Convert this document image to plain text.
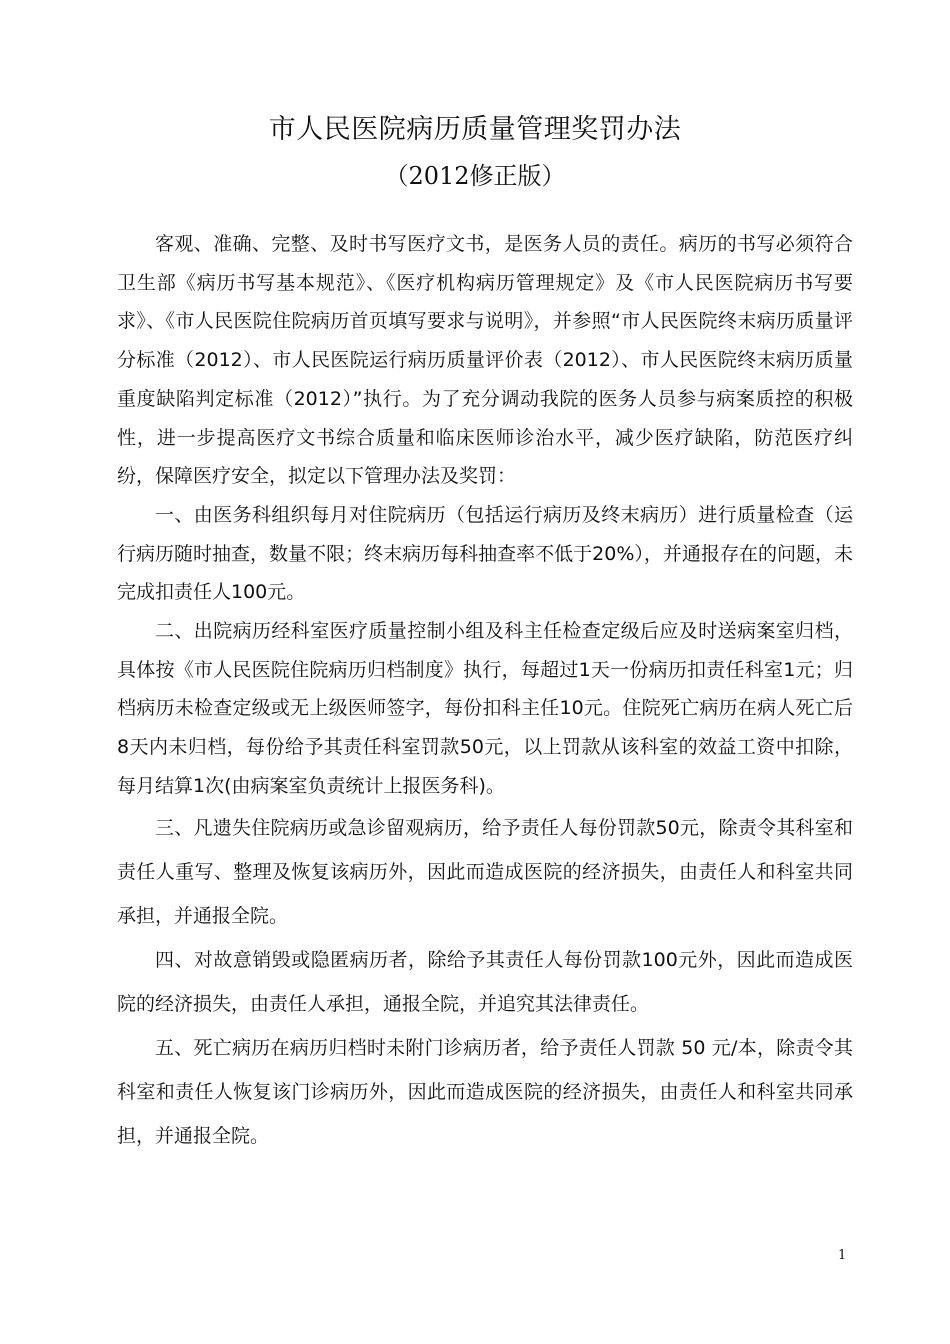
市人民医院病历质量管理奖罚办法
（2012修正版）

客观、准确、完整、及时书写医疗文书，是医务人员的责任。病历的书写必须符合卫生部《病历书写基本规范》、《医疗机构病历管理规定》及《市人民医院病历书写要求》、《市人民医院住院病历首页填写要求与说明》，并参照“市人民医院终末病历质量评分标准（2012）、市人民医院运行病历质量评价表（2012）、市人民医院终末病历质量重度缺陷判定标准（2012）”执行。为了充分调动我院的医务人员参与病案质控的积极性，进一步提高医疗文书综合质量和临床医师诊治水平，减少医疗缺陷，防范医疗纠纷，保障医疗安全，拟定以下管理办法及奖罚：

一、由医务科组织每月对住院病历（包括运行病历及终末病历）进行质量检查（运行病历随时抽查，数量不限；终末病历每科抽查率不低于20%），并通报存在的问题，未完成扣责任人100元。

二、出院病历经科室医疗质量控制小组及科主任检查定级后应及时送病案室归档，具体按《市人民医院住院病历归档制度》执行，每超过1天一份病历扣责任科室1元；归档病历未检查定级或无上级医师签字，每份扣科主任10元。住院死亡病历在病人死亡后8天内未归档，每份给予其责任科室罚款50元，以上罚款从该科室的效益工资中扣除，每月结算1次(由病案室负责统计上报医务科)。

三、凡遗失住院病历或急诊留观病历，给予责任人每份罚款50元，除责令其科室和责任人重写、整理及恢复该病历外，因此而造成医院的经济损失，由责任人和科室共同承担，并通报全院。

四、对故意销毁或隐匿病历者，除给予其责任人每份罚款100元外，因此而造成医院的经济损失，由责任人承担，通报全院，并追究其法律责任。

五、死亡病历在病历归档时未附门诊病历者，给予责任人罚款 50 元/本，除责令其科室和责任人恢复该门诊病历外，因此而造成医院的经济损失，由责任人和科室共同承担，并通报全院。

1
